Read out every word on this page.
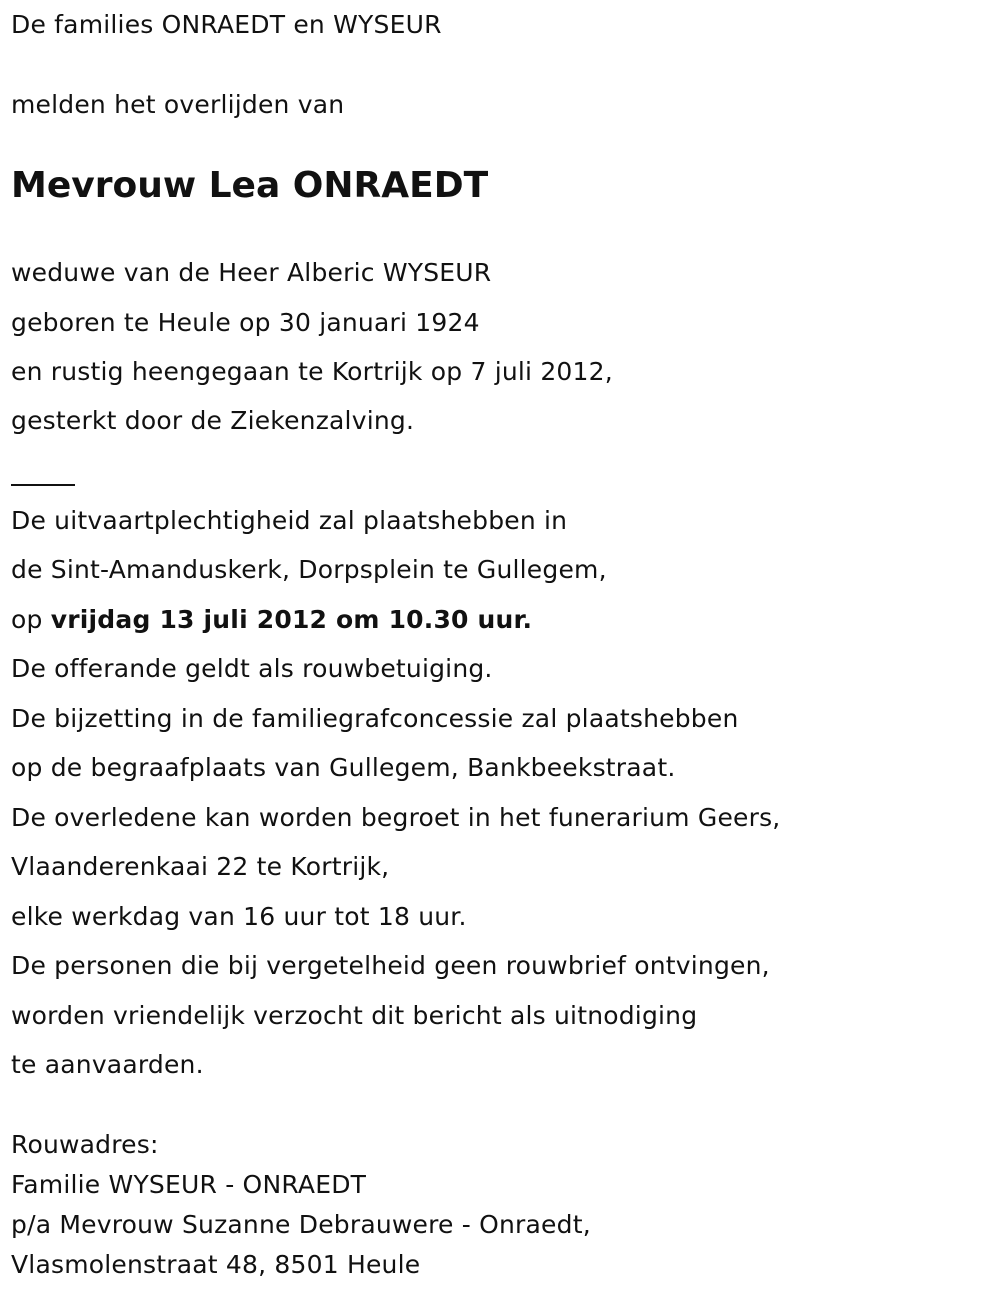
De families ONRAEDT en WYSEUR
melden het overlijden van
Mevrouw Lea ONRAEDT
weduwe van de Heer Alberic WYSEUR
geboren te Heule op 30 januari 1924
en rustig heengegaan te Kortrijk op 7 juli 2012,
gesterkt door de Ziekenzalving.
De uitvaartplechtigheid zal plaatshebben in
de Sint-Amanduskerk, Dorpsplein te Gullegem,
op vrijdag 13 juli 2012 om 10.30 uur.
De offerande geldt als rouwbetuiging.
De bijzetting in de familiegrafconcessie zal plaatshebben
op de begraafplaats van Gullegem, Bankbeekstraat.
De overledene kan worden begroet in het funerarium Geers,
Vlaanderenkaai 22 te Kortrijk,
elke werkdag van 16 uur tot 18 uur.
De personen die bij vergetelheid geen rouwbrief ontvingen,
worden vriendelijk verzocht dit bericht als uitnodiging
te aanvaarden.
Rouwadres:
Familie WYSEUR - ONRAEDT
p/a Mevrouw Suzanne Debrauwere - Onraedt,
Vlasmolenstraat 48, 8501 Heule
